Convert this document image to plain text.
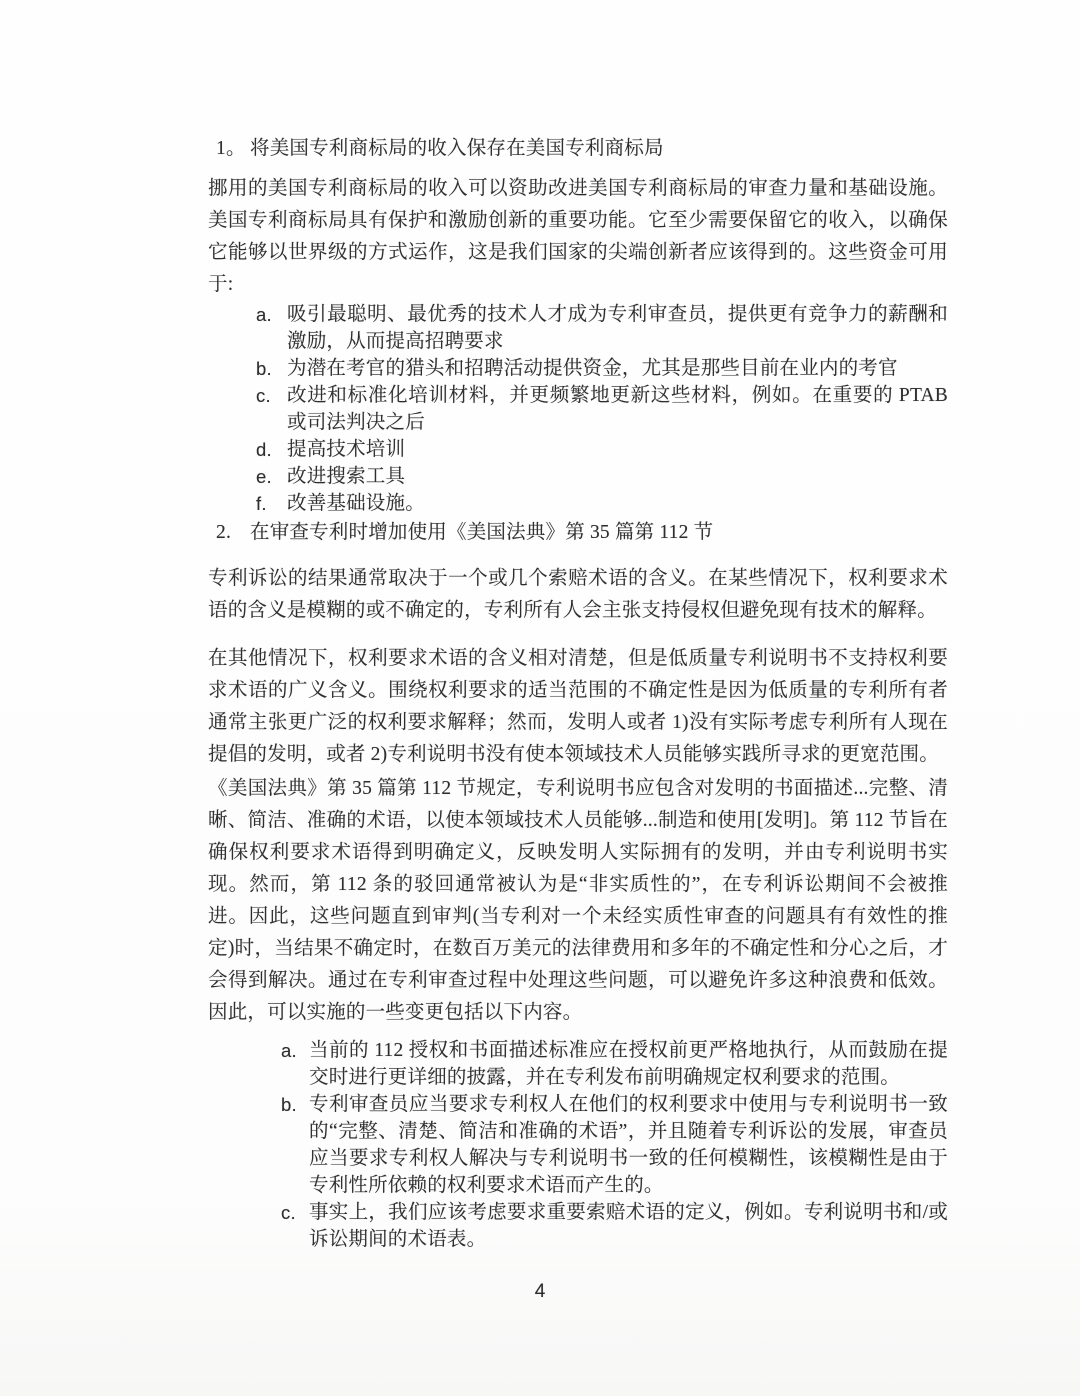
1。 将美国专利商标局的收入保存在美国专利商标局

挪用的美国专利商标局的收入可以资助改进美国专利商标局的审查力量和基础设施。美国专利商标局具有保护和激励创新的重要功能。它至少需要保留它的收入，以确保它能够以世界级的方式运作，这是我们国家的尖端创新者应该得到的。这些资金可用于:

a. 吸引最聪明、最优秀的技术人才成为专利审查员，提供更有竞争力的薪酬和激励，从而提高招聘要求
b. 为潜在考官的猎头和招聘活动提供资金，尤其是那些目前在业内的考官
c. 改进和标准化培训材料，并更频繁地更新这些材料，例如。在重要的 PTAB 或司法判决之后
d. 提高技术培训
e. 改进搜索工具
f. 改善基础设施。
2. 在审查专利时增加使用《美国法典》第 35 篇第 112 节

专利诉讼的结果通常取决于一个或几个索赔术语的含义。在某些情况下，权利要求术语的含义是模糊的或不确定的，专利所有人会主张支持侵权但避免现有技术的解释。

在其他情况下，权利要求术语的含义相对清楚，但是低质量专利说明书不支持权利要求术语的广义含义。围绕权利要求的适当范围的不确定性是因为低质量的专利所有者通常主张更广泛的权利要求解释；然而，发明人或者 1)没有实际考虑专利所有人现在提倡的发明，或者 2)专利说明书没有使本领域技术人员能够实践所寻求的更宽范围。

《美国法典》第 35 篇第 112 节规定，专利说明书应包含对发明的书面描述...完整、清晰、简洁、准确的术语，以使本领域技术人员能够...制造和使用[发明]。第 112 节旨在确保权利要求术语得到明确定义，反映发明人实际拥有的发明，并由专利说明书实现。然而，第 112 条的驳回通常被认为是“非实质性的”，在专利诉讼期间不会被推进。因此，这些问题直到审判(当专利对一个未经实质性审查的问题具有有效性的推定)时，当结果不确定时，在数百万美元的法律费用和多年的不确定性和分心之后，才会得到解决。通过在专利审查过程中处理这些问题，可以避免许多这种浪费和低效。因此，可以实施的一些变更包括以下内容。

a. 当前的 112 授权和书面描述标准应在授权前更严格地执行，从而鼓励在提交时进行更详细的披露，并在专利发布前明确规定权利要求的范围。
b. 专利审查员应当要求专利权人在他们的权利要求中使用与专利说明书一致的“完整、清楚、简洁和准确的术语”，并且随着专利诉讼的发展，审查员应当要求专利权人解决与专利说明书一致的任何模糊性，该模糊性是由于专利性所依赖的权利要求术语而产生的。
c. 事实上，我们应该考虑要求重要索赔术语的定义，例如。专利说明书和/或诉讼期间的术语表。
4
